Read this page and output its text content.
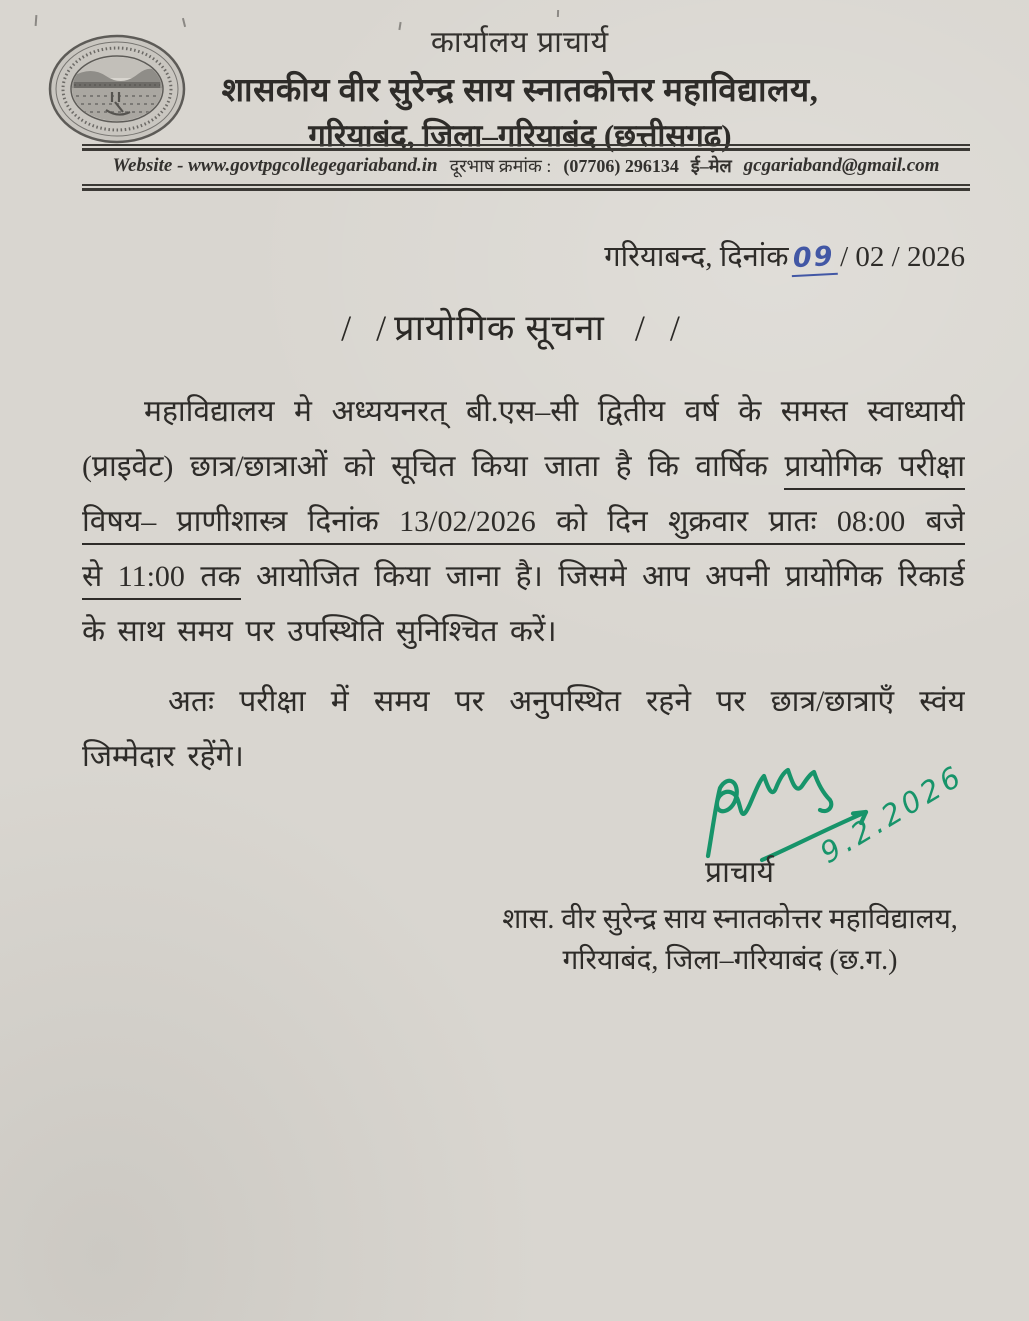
कार्यालय प्राचार्य
शासकीय वीर सुरेन्द्र साय स्नातकोत्तर महाविद्यालय,
गरियाबंद, जिला–गरियाबंद (छत्तीसगढ़)
Website - www.govtpgcollegegariaband.in दूरभाष क्रमांक : (07706) 296134 ई–मेल gcgariaband@gmail.com
गरियाबन्द, दिनांक 09 / 02 / 2026
/ /प्रायोगिक सूचना / /
महाविद्यालय मे अध्ययनरत् बी.एस–सी द्वितीय वर्ष के समस्त स्वाध्यायी
(प्राइवेट) छात्र/छात्राओं को सूचित किया जाता है कि वार्षिक प्रायोगिक परीक्षा
विषय– प्राणीशास्त्र दिनांक 13/02/2026 को दिन शुक्रवार प्रातः 08:00 बजे
से 11:00 तक आयोजित किया जाना है। जिसमे आप अपनी प्रायोगिक रिकार्ड
के साथ समय पर उपस्थिति सुनिश्चित करें।
अतः परीक्षा में समय पर अनुपस्थित रहने पर छात्र/छात्राएँ स्वंय
जिम्मेदार रहेंगे।
9.2.2026
प्राचार्य
शास. वीर सुरेन्द्र साय स्नातकोत्तर महाविद्यालय,
गरियाबंद, जिला–गरियाबंद (छ.ग.)
